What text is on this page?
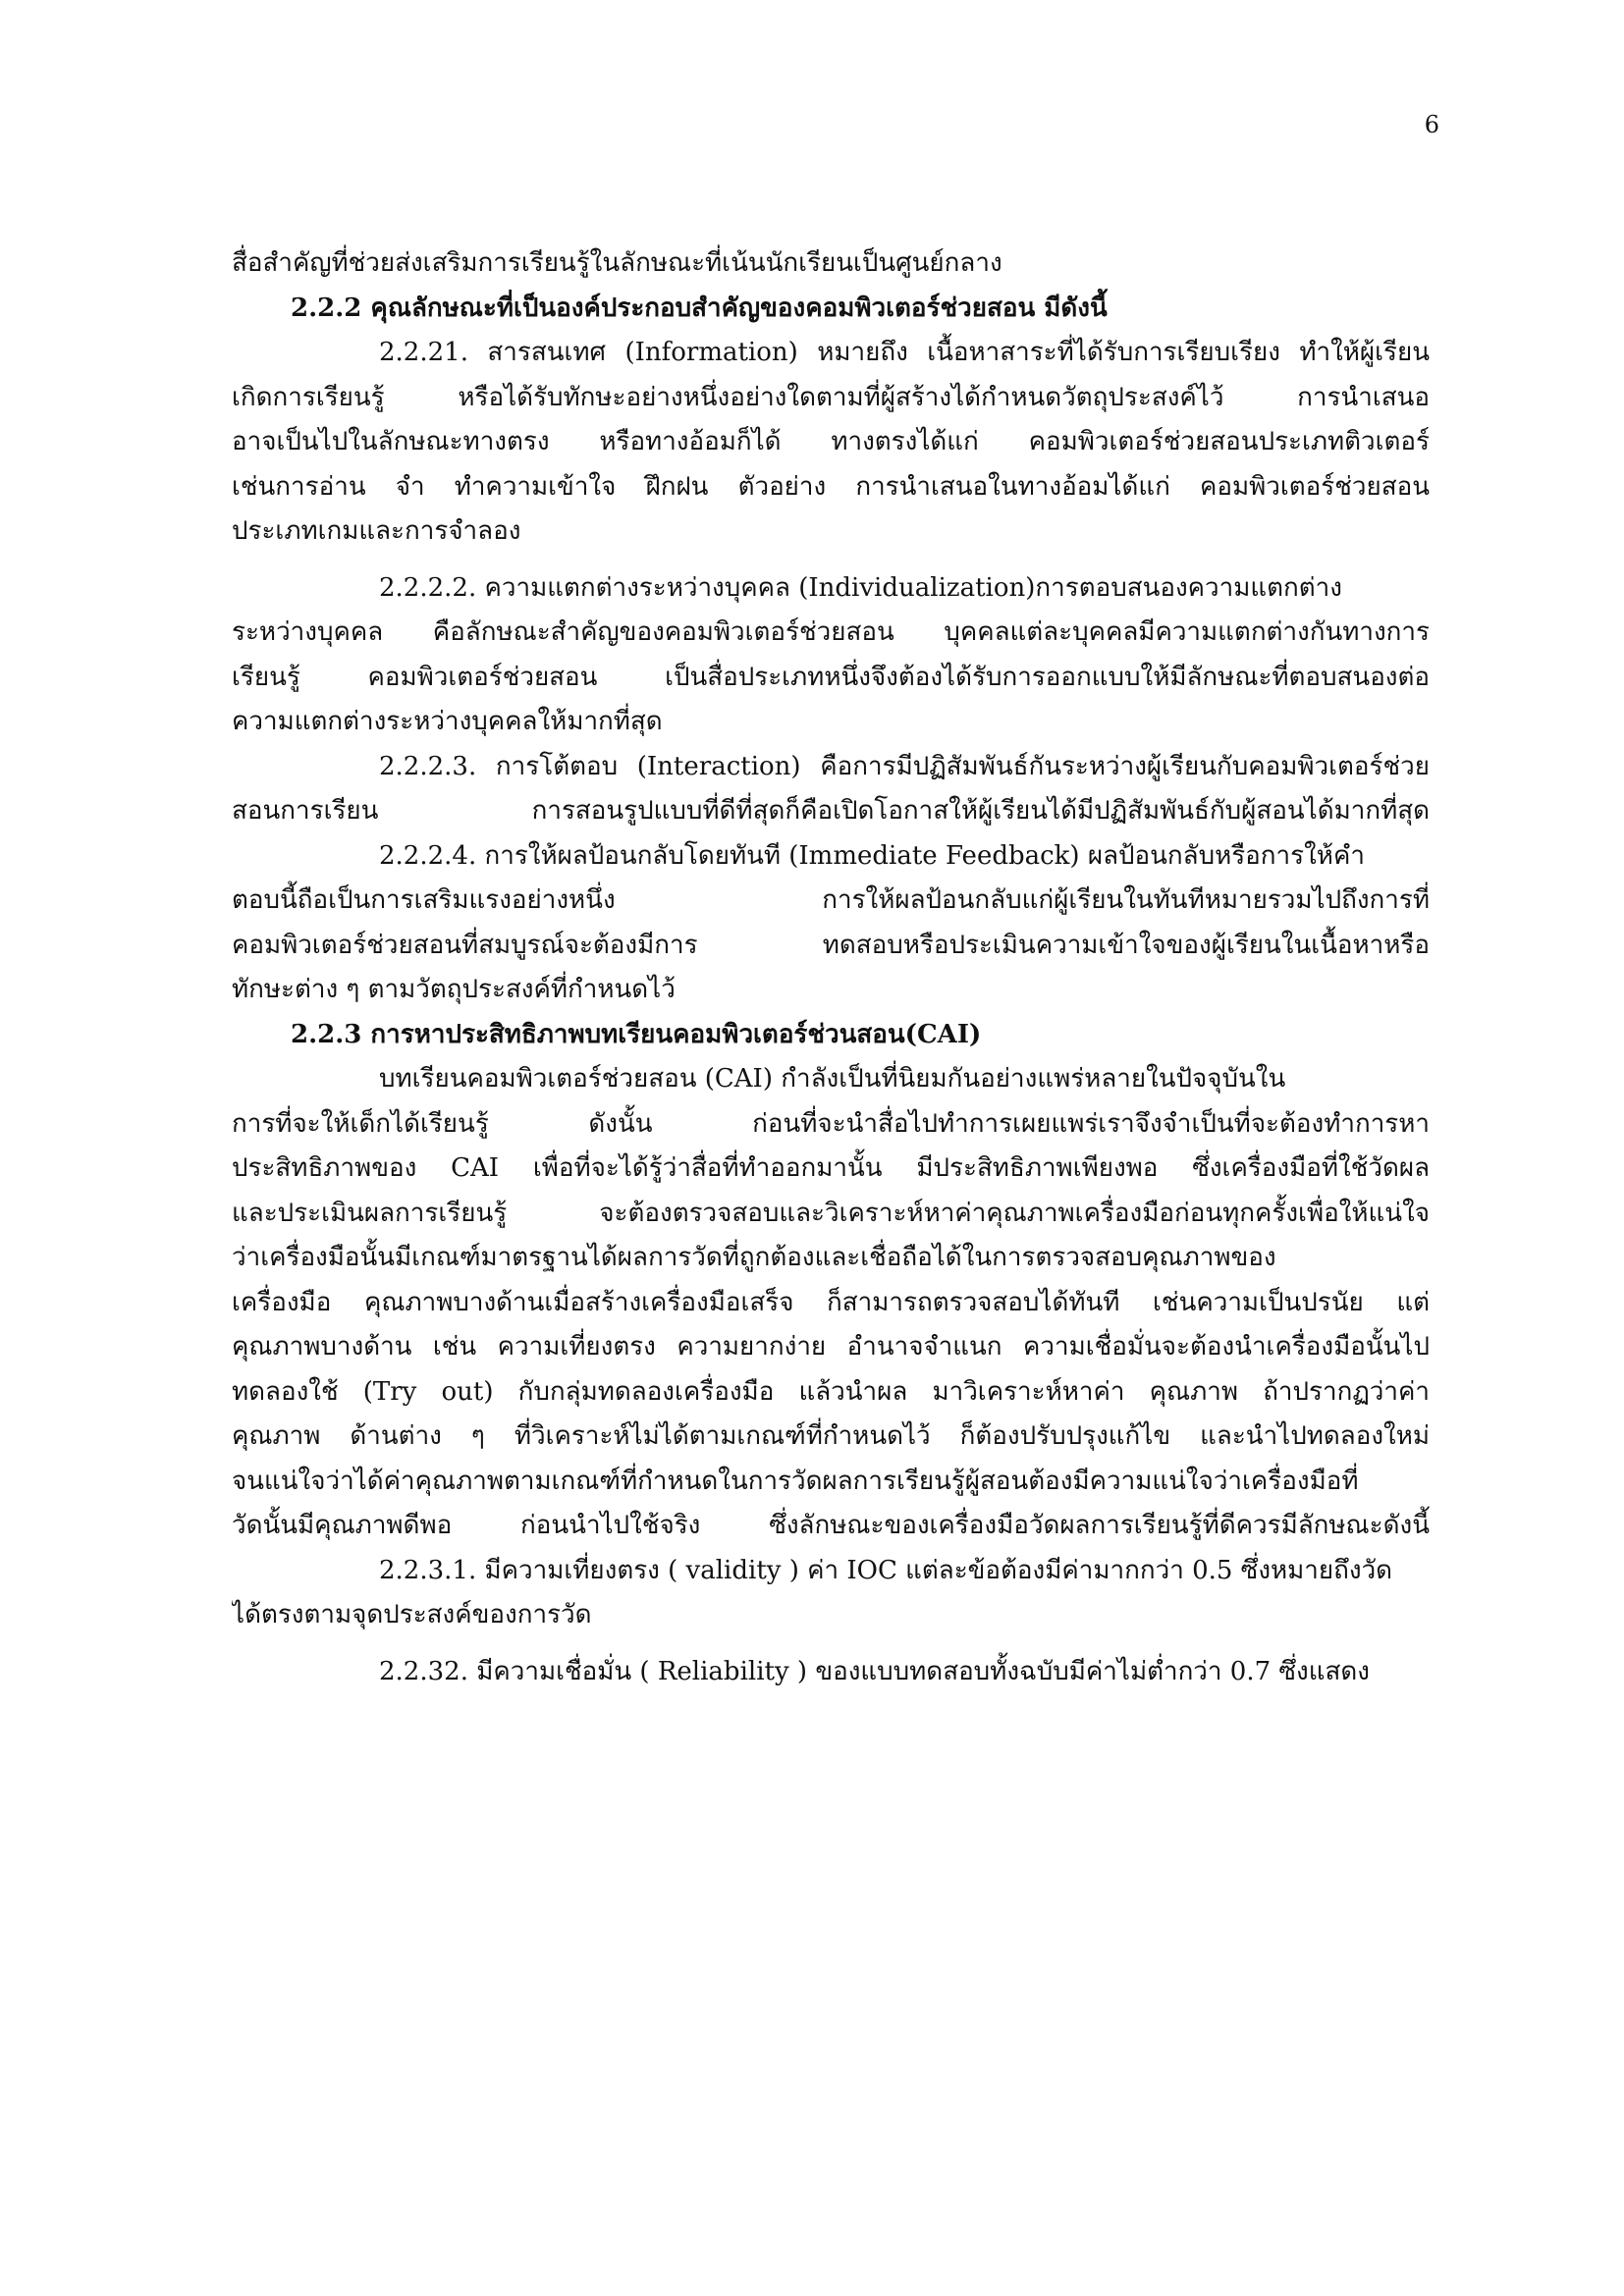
6
สื่อสำคัญที่ช่วยส่งเสริมการเรียนรู้ในลักษณะที่เน้นนักเรียนเป็นศูนย์กลาง
2.2.2 คุณลักษณะที่เป็นองค์ประกอบสำคัญของคอมพิวเตอร์ช่วยสอน มีดังนี้
2.2.21. สารสนเทศ (Information) หมายถึง เนื้อหาสาระที่ได้รับการเรียบเรียง ทำให้ผู้เรียน
เกิดการเรียนรู้ หรือได้รับทักษะอย่างหนึ่งอย่างใดตามที่ผู้สร้างได้กำหนดวัตถุประสงค์ไว้ การนำเสนอ
อาจเป็นไปในลักษณะทางตรง หรือทางอ้อมก็ได้ ทางตรงได้แก่ คอมพิวเตอร์ช่วยสอนประเภทติวเตอร์
เช่นการอ่าน จำ ทำความเข้าใจ ฝึกฝน ตัวอย่าง การนำเสนอในทางอ้อมได้แก่ คอมพิวเตอร์ช่วยสอน
ประเภทเกมและการจำลอง
2.2.2.2. ความแตกต่างระหว่างบุคคล (Individualization)การตอบสนองความแตกต่าง
ระหว่างบุคคล คือลักษณะสำคัญของคอมพิวเตอร์ช่วยสอน บุคคลแต่ละบุคคลมีความแตกต่างกันทางการ
เรียนรู้ คอมพิวเตอร์ช่วยสอน เป็นสื่อประเภทหนึ่งจึงต้องได้รับการออกแบบให้มีลักษณะที่ตอบสนองต่อ
ความแตกต่างระหว่างบุคคลให้มากที่สุด
2.2.2.3. การโต้ตอบ (Interaction) คือการมีปฏิสัมพันธ์กันระหว่างผู้เรียนกับคอมพิวเตอร์ช่วย
สอนการเรียน การสอนรูปแบบที่ดีที่สุดก็คือเปิดโอกาสให้ผู้เรียนได้มีปฏิสัมพันธ์กับผู้สอนได้มากที่สุด
2.2.2.4. การให้ผลป้อนกลับโดยทันที (Immediate Feedback) ผลป้อนกลับหรือการให้คำ
ตอบนี้ถือเป็นการเสริมแรงอย่างหนึ่ง การให้ผลป้อนกลับแก่ผู้เรียนในทันทีหมายรวมไปถึงการที่
คอมพิวเตอร์ช่วยสอนที่สมบูรณ์จะต้องมีการ ทดสอบหรือประเมินความเข้าใจของผู้เรียนในเนื้อหาหรือ
ทักษะต่าง ๆ ตามวัตถุประสงค์ที่กำหนดไว้
2.2.3 การหาประสิทธิภาพบทเรียนคอมพิวเตอร์ช่วนสอน(CAI)
บทเรียนคอมพิวเตอร์ช่วยสอน (CAI) กำลังเป็นที่นิยมกันอย่างแพร่หลายในปัจจุบันใน
การที่จะให้เด็กได้เรียนรู้ ดังนั้น ก่อนที่จะนำสื่อไปทำการเผยแพร่เราจึงจำเป็นที่จะต้องทำการหา
ประสิทธิภาพของ CAI เพื่อที่จะได้รู้ว่าสื่อที่ทำออกมานั้น มีประสิทธิภาพเพียงพอ ซึ่งเครื่องมือที่ใช้วัดผล
และประเมินผลการเรียนรู้ จะต้องตรวจสอบและวิเคราะห์หาค่าคุณภาพเครื่องมือก่อนทุกครั้งเพื่อให้แน่ใจ
ว่าเครื่องมือนั้นมีเกณฑ์มาตรฐานได้ผลการวัดที่ถูกต้องและเชื่อถือได้ในการตรวจสอบคุณภาพของ
เครื่องมือ คุณภาพบางด้านเมื่อสร้างเครื่องมือเสร็จ ก็สามารถตรวจสอบได้ทันที เช่นความเป็นปรนัย แต่
คุณภาพบางด้าน เช่น ความเที่ยงตรง ความยากง่าย อำนาจจำแนก ความเชื่อมั่นจะต้องนำเครื่องมือนั้นไป
ทดลองใช้ (Try out) กับกลุ่มทดลองเครื่องมือ แล้วนำผล มาวิเคราะห์หาค่า คุณภาพ ถ้าปรากฏว่าค่า
คุณภาพ ด้านต่าง ๆ ที่วิเคราะห์ไม่ได้ตามเกณฑ์ที่กำหนดไว้ ก็ต้องปรับปรุงแก้ไข และนำไปทดลองใหม่
จนแน่ใจว่าได้ค่าคุณภาพตามเกณฑ์ที่กำหนดในการวัดผลการเรียนรู้ผู้สอนต้องมีความแน่ใจว่าเครื่องมือที่
วัดนั้นมีคุณภาพดีพอ ก่อนนำไปใช้จริง ซึ่งลักษณะของเครื่องมือวัดผลการเรียนรู้ที่ดีควรมีลักษณะดังนี้
2.2.3.1. มีความเที่ยงตรง ( validity ) ค่า IOC แต่ละข้อต้องมีค่ามากกว่า 0.5 ซึ่งหมายถึงวัด
ได้ตรงตามจุดประสงค์ของการวัด
2.2.32. มีความเชื่อมั่น ( Reliability ) ของแบบทดสอบทั้งฉบับมีค่าไม่ต่ำกว่า 0.7 ซึ่งแสดง
